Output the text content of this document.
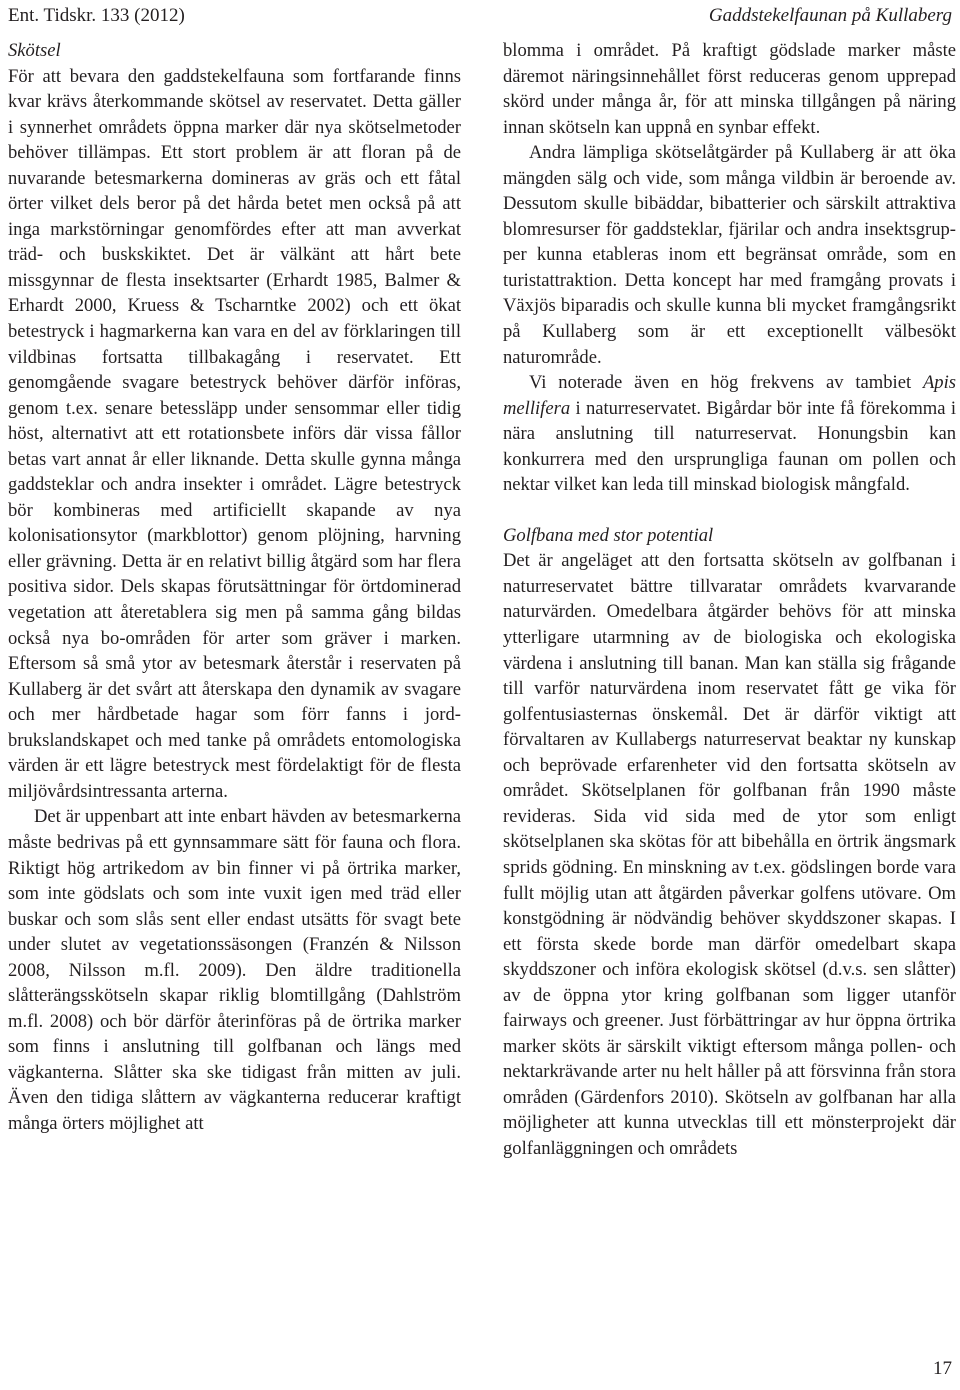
Ent. Tidskr. 133 (2012)	Gaddstekelfaunan på Kullaberg
Skötsel

För att bevara den gaddstekelfauna som fortfarande finns kvar krävs återkommande skötsel av reservatet. Detta gäller i synnerhet områdets öppna marker där nya skötselmetoder behöver tillämpas. Ett stort problem är att floran på de nuvarande betesmarkerna domineras av gräs och ett fåtal örter vilket dels beror på det hårda betet men också på att inga markstörningar genomfördes efter att man avverkat träd- och buskskiktet. Det är välkänt att hårt bete missgynnar de flesta insektsarter (Erhardt 1985, Balmer & Erhardt 2000, Kruess & Tscharntke 2002) och ett ökat betestryck i hagmarkerna kan vara en del av förklaringen till vildbinas fortsatta tillbakagång i reservatet. Ett genomgående svagare betestryck behöver därför införas, genom t.ex. senare betessläpp under sensommar eller tidig höst, alternativt att ett rotationsbete införs där vissa fållor betas vart annat år eller liknande. Detta skulle gynna många gaddsteklar och andra insekter i området. Lägre betestryck bör kombineras med artificiellt skapande av nya kolonisationsytor (markblottor) genom plöjning, harvning eller grävning. Detta är en relativt billig åtgärd som har flera positiva sidor. Dels skapas förutsättningar för örtdominerad vegetation att återetablera sig men på samma gång bildas också nya bo-områden för arter som gräver i marken. Eftersom så små ytor av betesmark återstår i reservaten på Kullaberg är det svårt att återskapa den dynamik av svagare och mer hårdbetade hagar som förr fanns i jordbrukslandskapet och med tanke på områdets entomologiska värden är ett lägre betestryck mest fördelaktigt för de flesta miljövårdsintressanta arterna.

Det är uppenbart att inte enbart hävden av betesmarkerna måste bedrivas på ett gynnsammare sätt för fauna och flora. Riktigt hög artrikedom av bin finner vi på örtrika marker, som inte gödslats och som inte vuxit igen med träd eller buskar och som slås sent eller endast utsätts för svagt bete under slutet av vegetationssäsongen (Franzén & Nilsson 2008, Nilsson m.fl. 2009). Den äldre traditionella slåtterängsskötseln skapar riklig blomtillgång (Dahlström m.fl. 2008) och bör därför återinföras på de örtrika marker som finns i anslutning till golfbanan och längs med vägkanterna. Slåtter ska ske tidigast från mitten av juli. Även den tidiga slåttern av vägkanterna reducerar kraftigt många örters möjlighet att

blomma i området. På kraftigt gödslade marker måste däremot näringsinnehållet först reduceras genom upprepad skörd under många år, för att minska tillgången på näring innan skötseln kan uppnå en synbar effekt.

Andra lämpliga skötselåtgärder på Kullaberg är att öka mängden sälg och vide, som många vildbin är beroende av. Dessutom skulle bibäddar, bibatterier och särskilt attraktiva blomresurser för gaddsteklar, fjärilar och andra insektsgrupper kunna etableras inom ett begränsat område, som en turistattraktion. Detta koncept har med framgång provats i Växjös biparadis och skulle kunna bli mycket framgångsrikt på Kullaberg som är ett exceptionellt välbesökt naturområde.

Vi noterade även en hög frekvens av tambiet Apis mellifera i naturreservatet. Bigårdar bör inte få förekomma i nära anslutning till naturreservat. Honungsbin kan konkurrera med den ursprungliga faunan om pollen och nektar vilket kan leda till minskad biologisk mångfald.

Golfbana med stor potential

Det är angeläget att den fortsatta skötseln av golfbanan i naturreservatet bättre tillvaratar områdets kvarvarande naturvärden. Omedelbara åtgärder behövs för att minska ytterligare utarmning av de biologiska och ekologiska värdena i anslutning till banan. Man kan ställa sig frågande till varför naturvärdena inom reservatet fått ge vika för golfentusiasternas önskemål. Det är därför viktigt att förvaltaren av Kullabergs naturreservat beaktar ny kunskap och beprövade erfarenheter vid den fortsatta skötseln av området. Skötselplanen för golfbanan från 1990 måste revideras. Sida vid sida med de ytor som enligt skötselplanen ska skötas för att bibehålla en örtrik ängsmark sprids gödning. En minskning av t.ex. gödslingen borde vara fullt möjlig utan att åtgärden påverkar golfens utövare. Om konstgödning är nödvändig behöver skyddszoner skapas. I ett första skede borde man därför omedelbart skapa skyddszoner och införa ekologisk skötsel (d.v.s. sen slåtter) av de öppna ytor kring golfbanan som ligger utanför fairways och greener. Just förbättringar av hur öppna örtrika marker sköts är särskilt viktigt eftersom många pollen- och nektarkrävande arter nu helt håller på att försvinna från stora områden (Gärdenfors 2010). Skötseln av golfbanan har alla möjligheter att kunna utvecklas till ett mönsterprojekt där golfanläggningen och områdets

17
